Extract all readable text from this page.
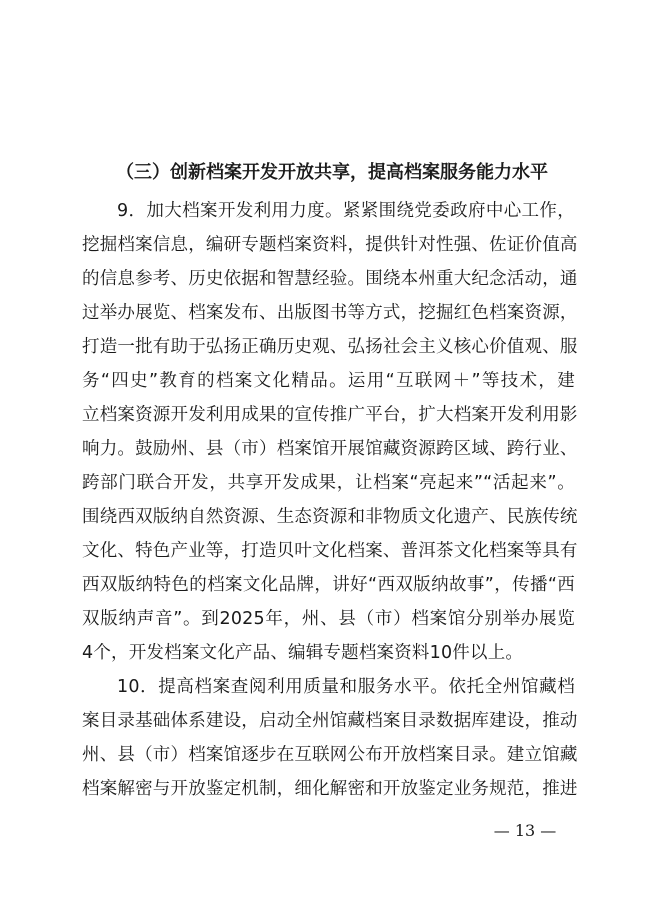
（三）创新档案开发开放共享，提高档案服务能力水平
9．加大档案开发利用力度。紧紧围绕党委政府中心工作，
挖掘档案信息，编研专题档案资料，提供针对性强、佐证价值高
的信息参考、历史依据和智慧经验。围绕本州重大纪念活动，通
过举办展览、档案发布、出版图书等方式，挖掘红色档案资源，
打造一批有助于弘扬正确历史观、弘扬社会主义核心价值观、服
务“四史”教育的档案文化精品。运用“互联网＋”等技术，建
立档案资源开发利用成果的宣传推广平台，扩大档案开发利用影
响力。鼓励州、县（市）档案馆开展馆藏资源跨区域、跨行业、
跨部门联合开发，共享开发成果，让档案“亮起来”“活起来”。
围绕西双版纳自然资源、生态资源和非物质文化遗产、民族传统
文化、特色产业等，打造贝叶文化档案、普洱茶文化档案等具有
西双版纳特色的档案文化品牌，讲好“西双版纳故事”，传播“西
双版纳声音”。到2025年，州、县（市）档案馆分别举办展览
4个，开发档案文化产品、编辑专题档案资料10件以上。
10．提高档案查阅利用质量和服务水平。依托全州馆藏档
案目录基础体系建设，启动全州馆藏档案目录数据库建设，推动
州、县（市）档案馆逐步在互联网公布开放档案目录。建立馆藏
档案解密与开放鉴定机制，细化解密和开放鉴定业务规范，推进
— 13 —
